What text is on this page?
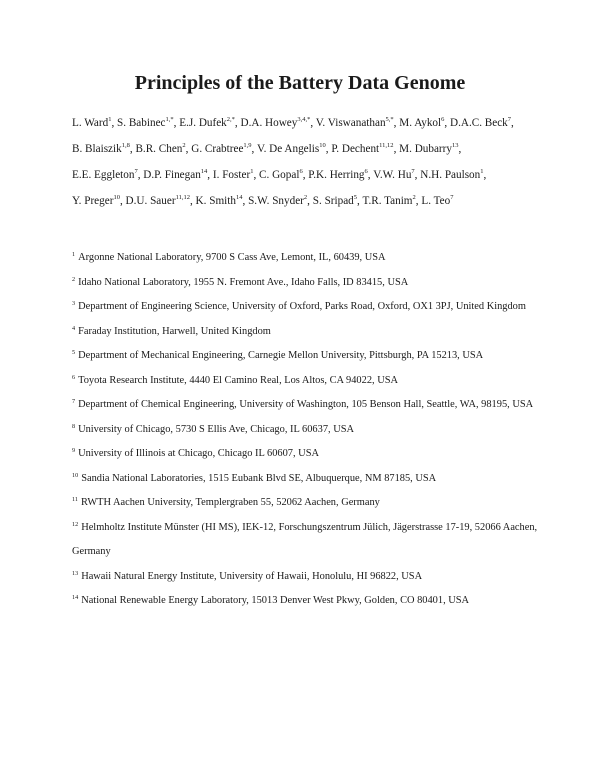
Principles of the Battery Data Genome
L. Ward$^1$, S. Babinec$^{1,*}$, E.J. Dufek$^{2,*}$, D.A. Howey$^{3,4,*}$, V. Viswanathan$^{5,*}$, M. Aykol$^6$, D.A.C. Beck$^7$, B. Blaiszik$^{1,8}$, B.R. Chen$^2$, G. Crabtree$^{1,9}$, V. De Angelis$^{10}$, P. Dechent$^{11,12}$, M. Dubarry$^{13}$, E.E. Eggleton$^7$, D.P. Finegan$^{14}$, I. Foster$^1$, C. Gopal$^6$, P.K. Herring$^6$, V.W. Hu$^7$, N.H. Paulson$^1$, Y. Preger$^{10}$, D.U. Sauer$^{11,12}$, K. Smith$^{14}$, S.W. Snyder$^2$, S. Sripad$^5$, T.R. Tanim$^2$, L. Teo$^7$

$^1$ Argonne National Laboratory, 9700 S Cass Ave, Lemont, IL, 60439, USA

$^2$ Idaho National Laboratory, 1955 N. Fremont Ave., Idaho Falls, ID 83415, USA

$^3$ Department of Engineering Science, University of Oxford, Parks Road, Oxford, OX1 3PJ, United Kingdom

$^4$ Faraday Institution, Harwell, United Kingdom

$^5$ Department of Mechanical Engineering, Carnegie Mellon University, Pittsburgh, PA 15213, USA

$^6$ Toyota Research Institute, 4440 El Camino Real, Los Altos, CA 94022, USA

$^7$ Department of Chemical Engineering, University of Washington, 105 Benson Hall, Seattle, WA, 98195, USA

$^8$ University of Chicago, 5730 S Ellis Ave, Chicago, IL 60637, USA

$^9$ University of Illinois at Chicago, Chicago IL 60607, USA

$^{10}$ Sandia National Laboratories, 1515 Eubank Blvd SE, Albuquerque, NM 87185, USA

$^{11}$ RWTH Aachen University, Templergraben 55, 52062 Aachen, Germany

$^{12}$ Helmholtz Institute Münster (HI MS), IEK-12, Forschungszentrum Jülich, Jägerstrasse 17-19, 52066 Aachen, Germany

$^{13}$ Hawaii Natural Energy Institute, University of Hawaii, Honolulu, HI 96822, USA

$^{14}$ National Renewable Energy Laboratory, 15013 Denver West Pkwy, Golden, CO 80401, USA
